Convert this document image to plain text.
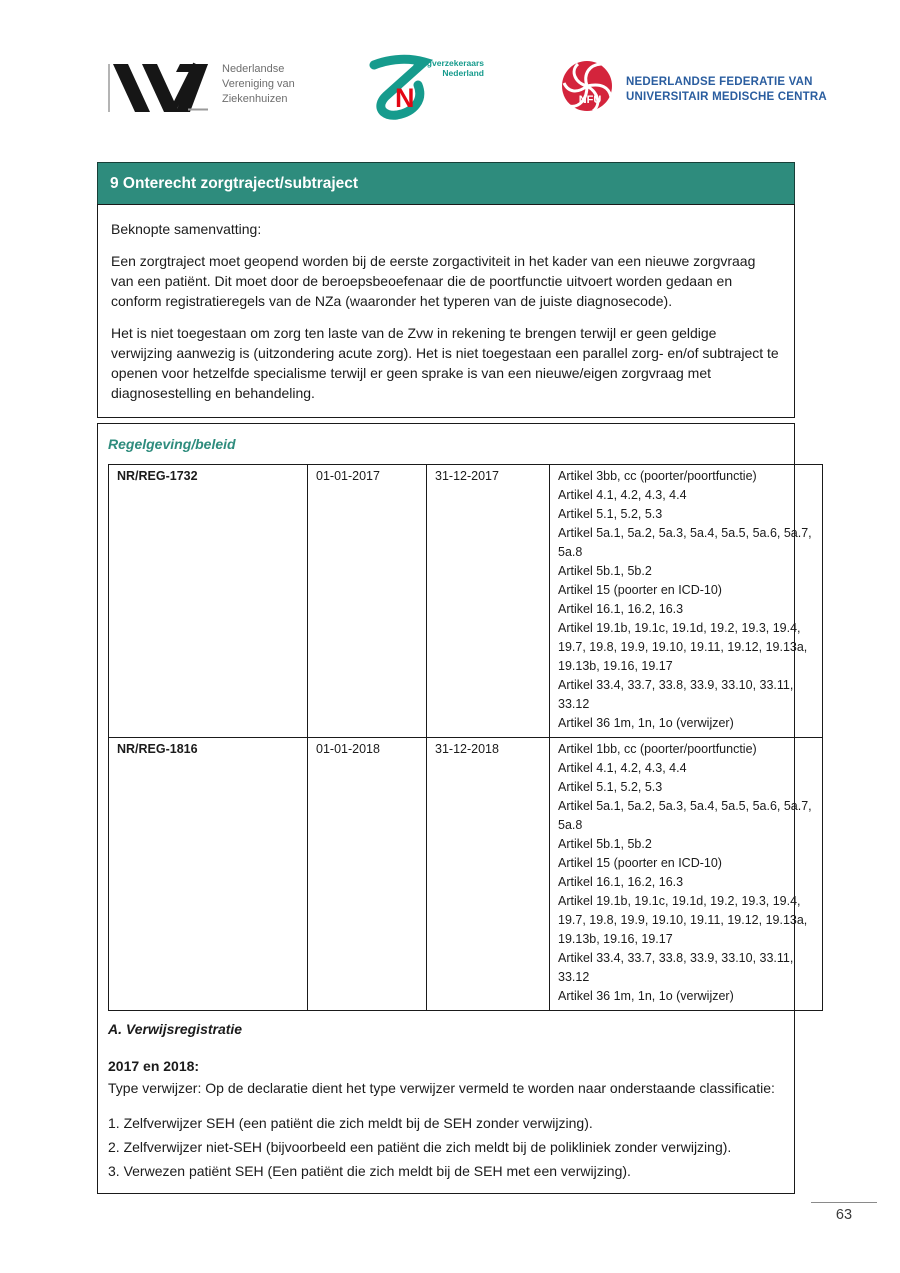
Nederlandse
Vereniging van
Ziekenhuizen	N
Zorgverzekeraars
Nederland
NFU
NEDERLANDSE FEDERATIE VAN
UNIVERSITAIR MEDISCHE CENTRA
9 Onterecht zorgtraject/subtraject
Beknopte samenvatting:

Een zorgtraject moet geopend worden bij de eerste zorgactiviteit in het kader van een nieuwe zorgvraag van een patiënt. Dit moet door de beroepsbeoefenaar die de poortfunctie uitvoert worden gedaan en conform registratieregels van de NZa (waaronder het typeren van de juiste diagnosecode).

Het is niet toegestaan om zorg ten laste van de Zvw in rekening te brengen terwijl er geen geldige verwijzing aanwezig is (uitzondering acute zorg). Het is niet toegestaan een parallel zorg- en/of subtraject te openen voor hetzelfde specialisme terwijl er geen sprake is van een nieuwe/eigen zorgvraag met diagnosestelling en behandeling.

Regelgeving/beleid
NR/REG-1732	01-01-2017	31-12-2017	Artikel 3bb, cc (poorter/poortfunctie)
Artikel 4.1, 4.2, 4.3, 4.4
Artikel 5.1, 5.2, 5.3
Artikel 5a.1, 5a.2, 5a.3, 5a.4, 5a.5, 5a.6, 5a.7, 5a.8
Artikel 5b.1, 5b.2
Artikel 15 (poorter en ICD-10)
Artikel 16.1, 16.2, 16.3
Artikel 19.1b, 19.1c, 19.1d, 19.2, 19.3, 19.4, 19.7, 19.8, 19.9, 19.10, 19.11, 19.12, 19.13a, 19.13b, 19.16, 19.17
Artikel 33.4, 33.7, 33.8, 33.9, 33.10, 33.11, 33.12
Artikel 36 1m, 1n, 1o (verwijzer)

NR/REG-1816	01-01-2018	31-12-2018	Artikel 1bb, cc (poorter/poortfunctie)
Artikel 4.1, 4.2, 4.3, 4.4
Artikel 5.1, 5.2, 5.3
Artikel 5a.1, 5a.2, 5a.3, 5a.4, 5a.5, 5a.6, 5a.7, 5a.8
Artikel 5b.1, 5b.2
Artikel 15 (poorter en ICD-10)
Artikel 16.1, 16.2, 16.3
Artikel 19.1b, 19.1c, 19.1d, 19.2, 19.3, 19.4, 19.7, 19.8, 19.9, 19.10, 19.11, 19.12, 19.13a, 19.13b, 19.16, 19.17
Artikel 33.4, 33.7, 33.8, 33.9, 33.10, 33.11, 33.12
Artikel 36 1m, 1n, 1o (verwijzer)
A. Verwijsregistratie
2017 en 2018:
Type verwijzer: Op de declaratie dient het type verwijzer vermeld te worden naar onderstaande classificatie:
1. Zelfverwijzer SEH (een patiënt die zich meldt bij de SEH zonder verwijzing).
2. Zelfverwijzer niet-SEH (bijvoorbeeld een patiënt die zich meldt bij de polikliniek zonder verwijzing).
3. Verwezen patiënt SEH (Een patiënt die zich meldt bij de SEH met een verwijzing).
63
